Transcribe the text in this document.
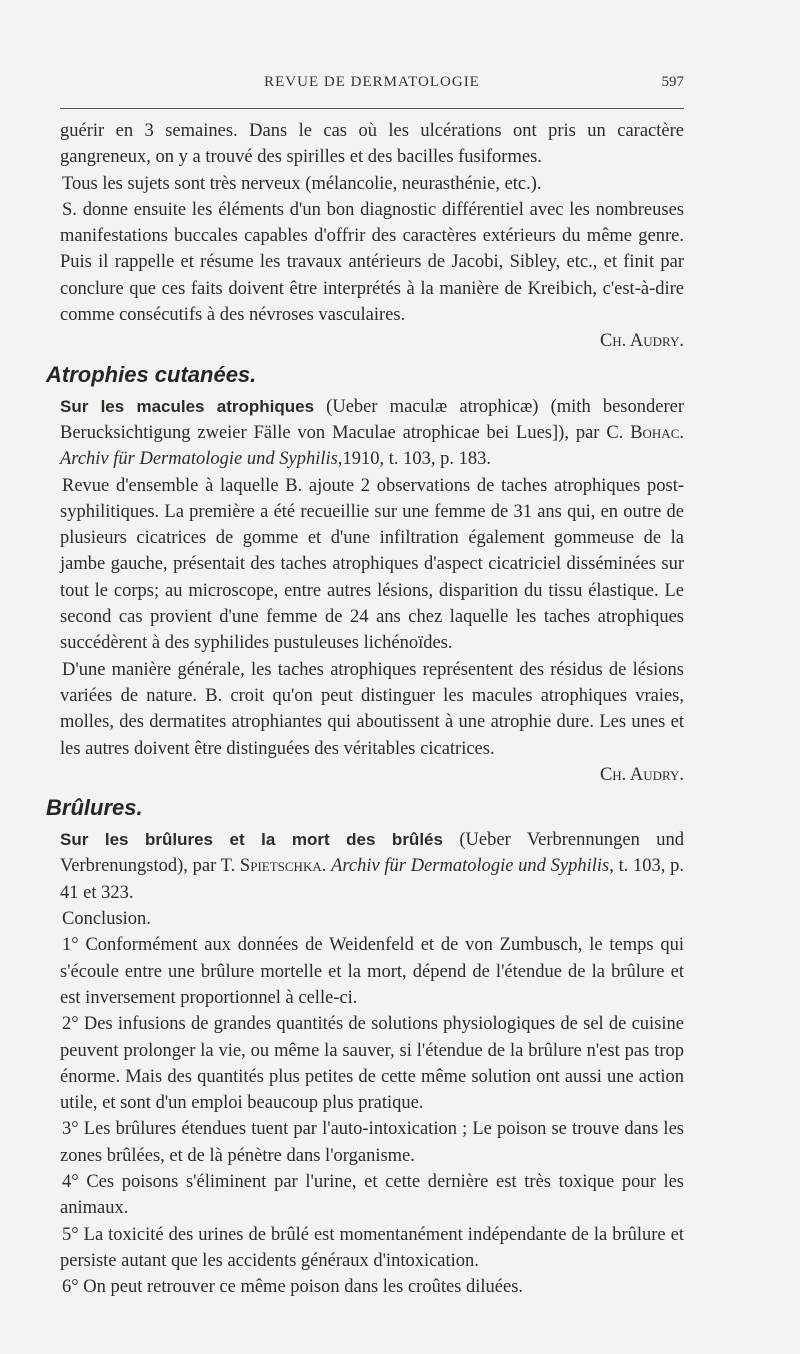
REVUE DE DERMATOLOGIE	597

guérir en 3 semaines. Dans le cas où les ulcérations ont pris un caractère gangreneux, on y a trouvé des spirilles et des bacilles fusiformes.

Tous les sujets sont très nerveux (mélancolie, neurasthénie, etc.).

S. donne ensuite les éléments d'un bon diagnostic différentiel avec les nombreuses manifestations buccales capables d'offrir des caractères extérieurs du même genre. Puis il rappelle et résume les travaux antérieurs de Jacobi, Sibley, etc., et finit par conclure que ces faits doivent être interprétés à la manière de Kreibich, c'est-à-dire comme consécutifs à des névroses vasculaires.

Ch. Audry.

Atrophies cutanées.

Sur les macules atrophiques (Ueber maculæ atrophicæ) (mith besonderer Berucksichtigung zweier Fälle von Maculae atrophicae bei Lues]), par C. Bohac. Archiv für Dermatologie und Syphilis,1910, t. 103, p. 183.

Revue d'ensemble à laquelle B. ajoute 2 observations de taches atrophiques post-syphilitiques. La première a été recueillie sur une femme de 31 ans qui, en outre de plusieurs cicatrices de gomme et d'une infiltration également gommeuse de la jambe gauche, présentait des taches atrophiques d'aspect cicatriciel disséminées sur tout le corps; au microscope, entre autres lésions, disparition du tissu élastique. Le second cas provient d'une femme de 24 ans chez laquelle les taches atrophiques succédèrent à des syphilides pustuleuses lichénoïdes.

D'une manière générale, les taches atrophiques représentent des résidus de lésions variées de nature. B. croit qu'on peut distinguer les macules atrophiques vraies, molles, des dermatites atrophiantes qui aboutissent à une atrophie dure. Les unes et les autres doivent être distinguées des véritables cicatrices.

Ch. Audry.

Brûlures.

Sur les brûlures et la mort des brûlés (Ueber Verbrennungen und Verbrenungstod), par T. Spietschka. Archiv für Dermatologie und Syphilis, t. 103, p. 41 et 323.

Conclusion.

1° Conformément aux données de Weidenfeld et de von Zumbusch, le temps qui s'écoule entre une brûlure mortelle et la mort, dépend de l'étendue de la brûlure et est inversement proportionnel à celle-ci.

2° Des infusions de grandes quantités de solutions physiologiques de sel de cuisine peuvent prolonger la vie, ou même la sauver, si l'étendue de la brûlure n'est pas trop énorme. Mais des quantités plus petites de cette même solution ont aussi une action utile, et sont d'un emploi beaucoup plus pratique.

3° Les brûlures étendues tuent par l'auto-intoxication ; Le poison se trouve dans les zones brûlées, et de là pénètre dans l'organisme.

4° Ces poisons s'éliminent par l'urine, et cette dernière est très toxique pour les animaux.

5° La toxicité des urines de brûlé est momentanément indépendante de la brûlure et persiste autant que les accidents généraux d'intoxication.

6° On peut retrouver ce même poison dans les croûtes diluées.
